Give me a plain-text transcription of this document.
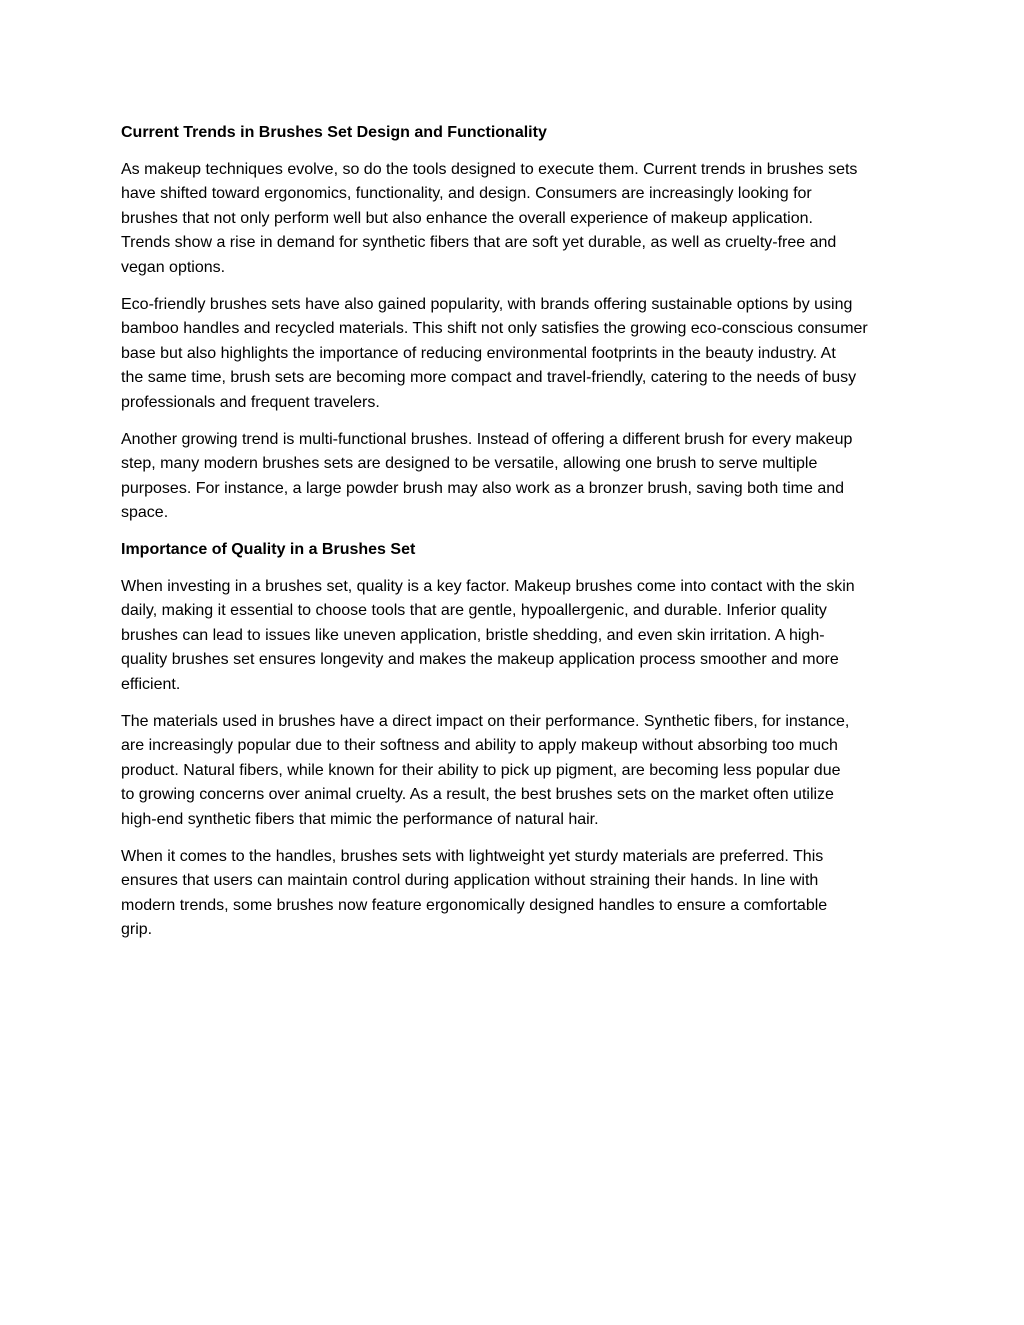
Current Trends in Brushes Set Design and Functionality
As makeup techniques evolve, so do the tools designed to execute them. Current trends in brushes sets
have shifted toward ergonomics, functionality, and design. Consumers are increasingly looking for
brushes that not only perform well but also enhance the overall experience of makeup application.
Trends show a rise in demand for synthetic fibers that are soft yet durable, as well as cruelty-free and
vegan options.
Eco-friendly brushes sets have also gained popularity, with brands offering sustainable options by using
bamboo handles and recycled materials. This shift not only satisfies the growing eco-conscious consumer
base but also highlights the importance of reducing environmental footprints in the beauty industry. At
the same time, brush sets are becoming more compact and travel-friendly, catering to the needs of busy
professionals and frequent travelers.
Another growing trend is multi-functional brushes. Instead of offering a different brush for every makeup
step, many modern brushes sets are designed to be versatile, allowing one brush to serve multiple
purposes. For instance, a large powder brush may also work as a bronzer brush, saving both time and
space.
Importance of Quality in a Brushes Set
When investing in a brushes set, quality is a key factor. Makeup brushes come into contact with the skin
daily, making it essential to choose tools that are gentle, hypoallergenic, and durable. Inferior quality
brushes can lead to issues like uneven application, bristle shedding, and even skin irritation. A high-
quality brushes set ensures longevity and makes the makeup application process smoother and more
efficient.
The materials used in brushes have a direct impact on their performance. Synthetic fibers, for instance,
are increasingly popular due to their softness and ability to apply makeup without absorbing too much
product. Natural fibers, while known for their ability to pick up pigment, are becoming less popular due
to growing concerns over animal cruelty. As a result, the best brushes sets on the market often utilize
high-end synthetic fibers that mimic the performance of natural hair.
When it comes to the handles, brushes sets with lightweight yet sturdy materials are preferred. This
ensures that users can maintain control during application without straining their hands. In line with
modern trends, some brushes now feature ergonomically designed handles to ensure a comfortable
grip.
